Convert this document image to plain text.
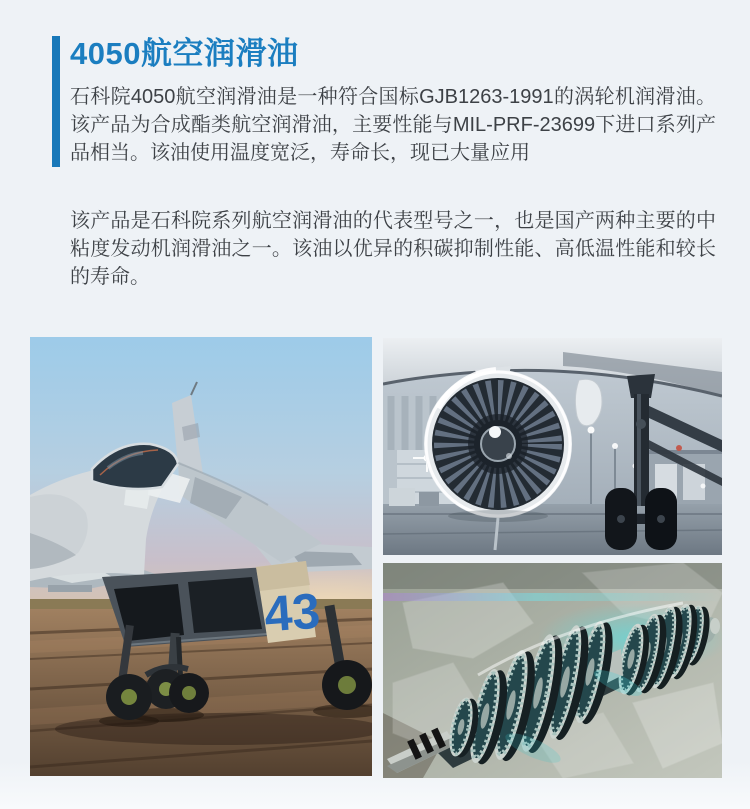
4050航空润滑油

石科院4050航空润滑油是一种符合国标GJB1263-1991的涡轮机润滑油。该产品为合成酯类航空润滑油，主要性能与MIL-PRF-23699下进口系列产品相当。该油使用温度宽泛，寿命长，现已大量应用

该产品是石科院系列航空润滑油的代表型号之一，也是国产两种主要的中粘度发动机润滑油之一。该油以优异的积碳抑制性能、高低温性能和较长的寿命。

43
